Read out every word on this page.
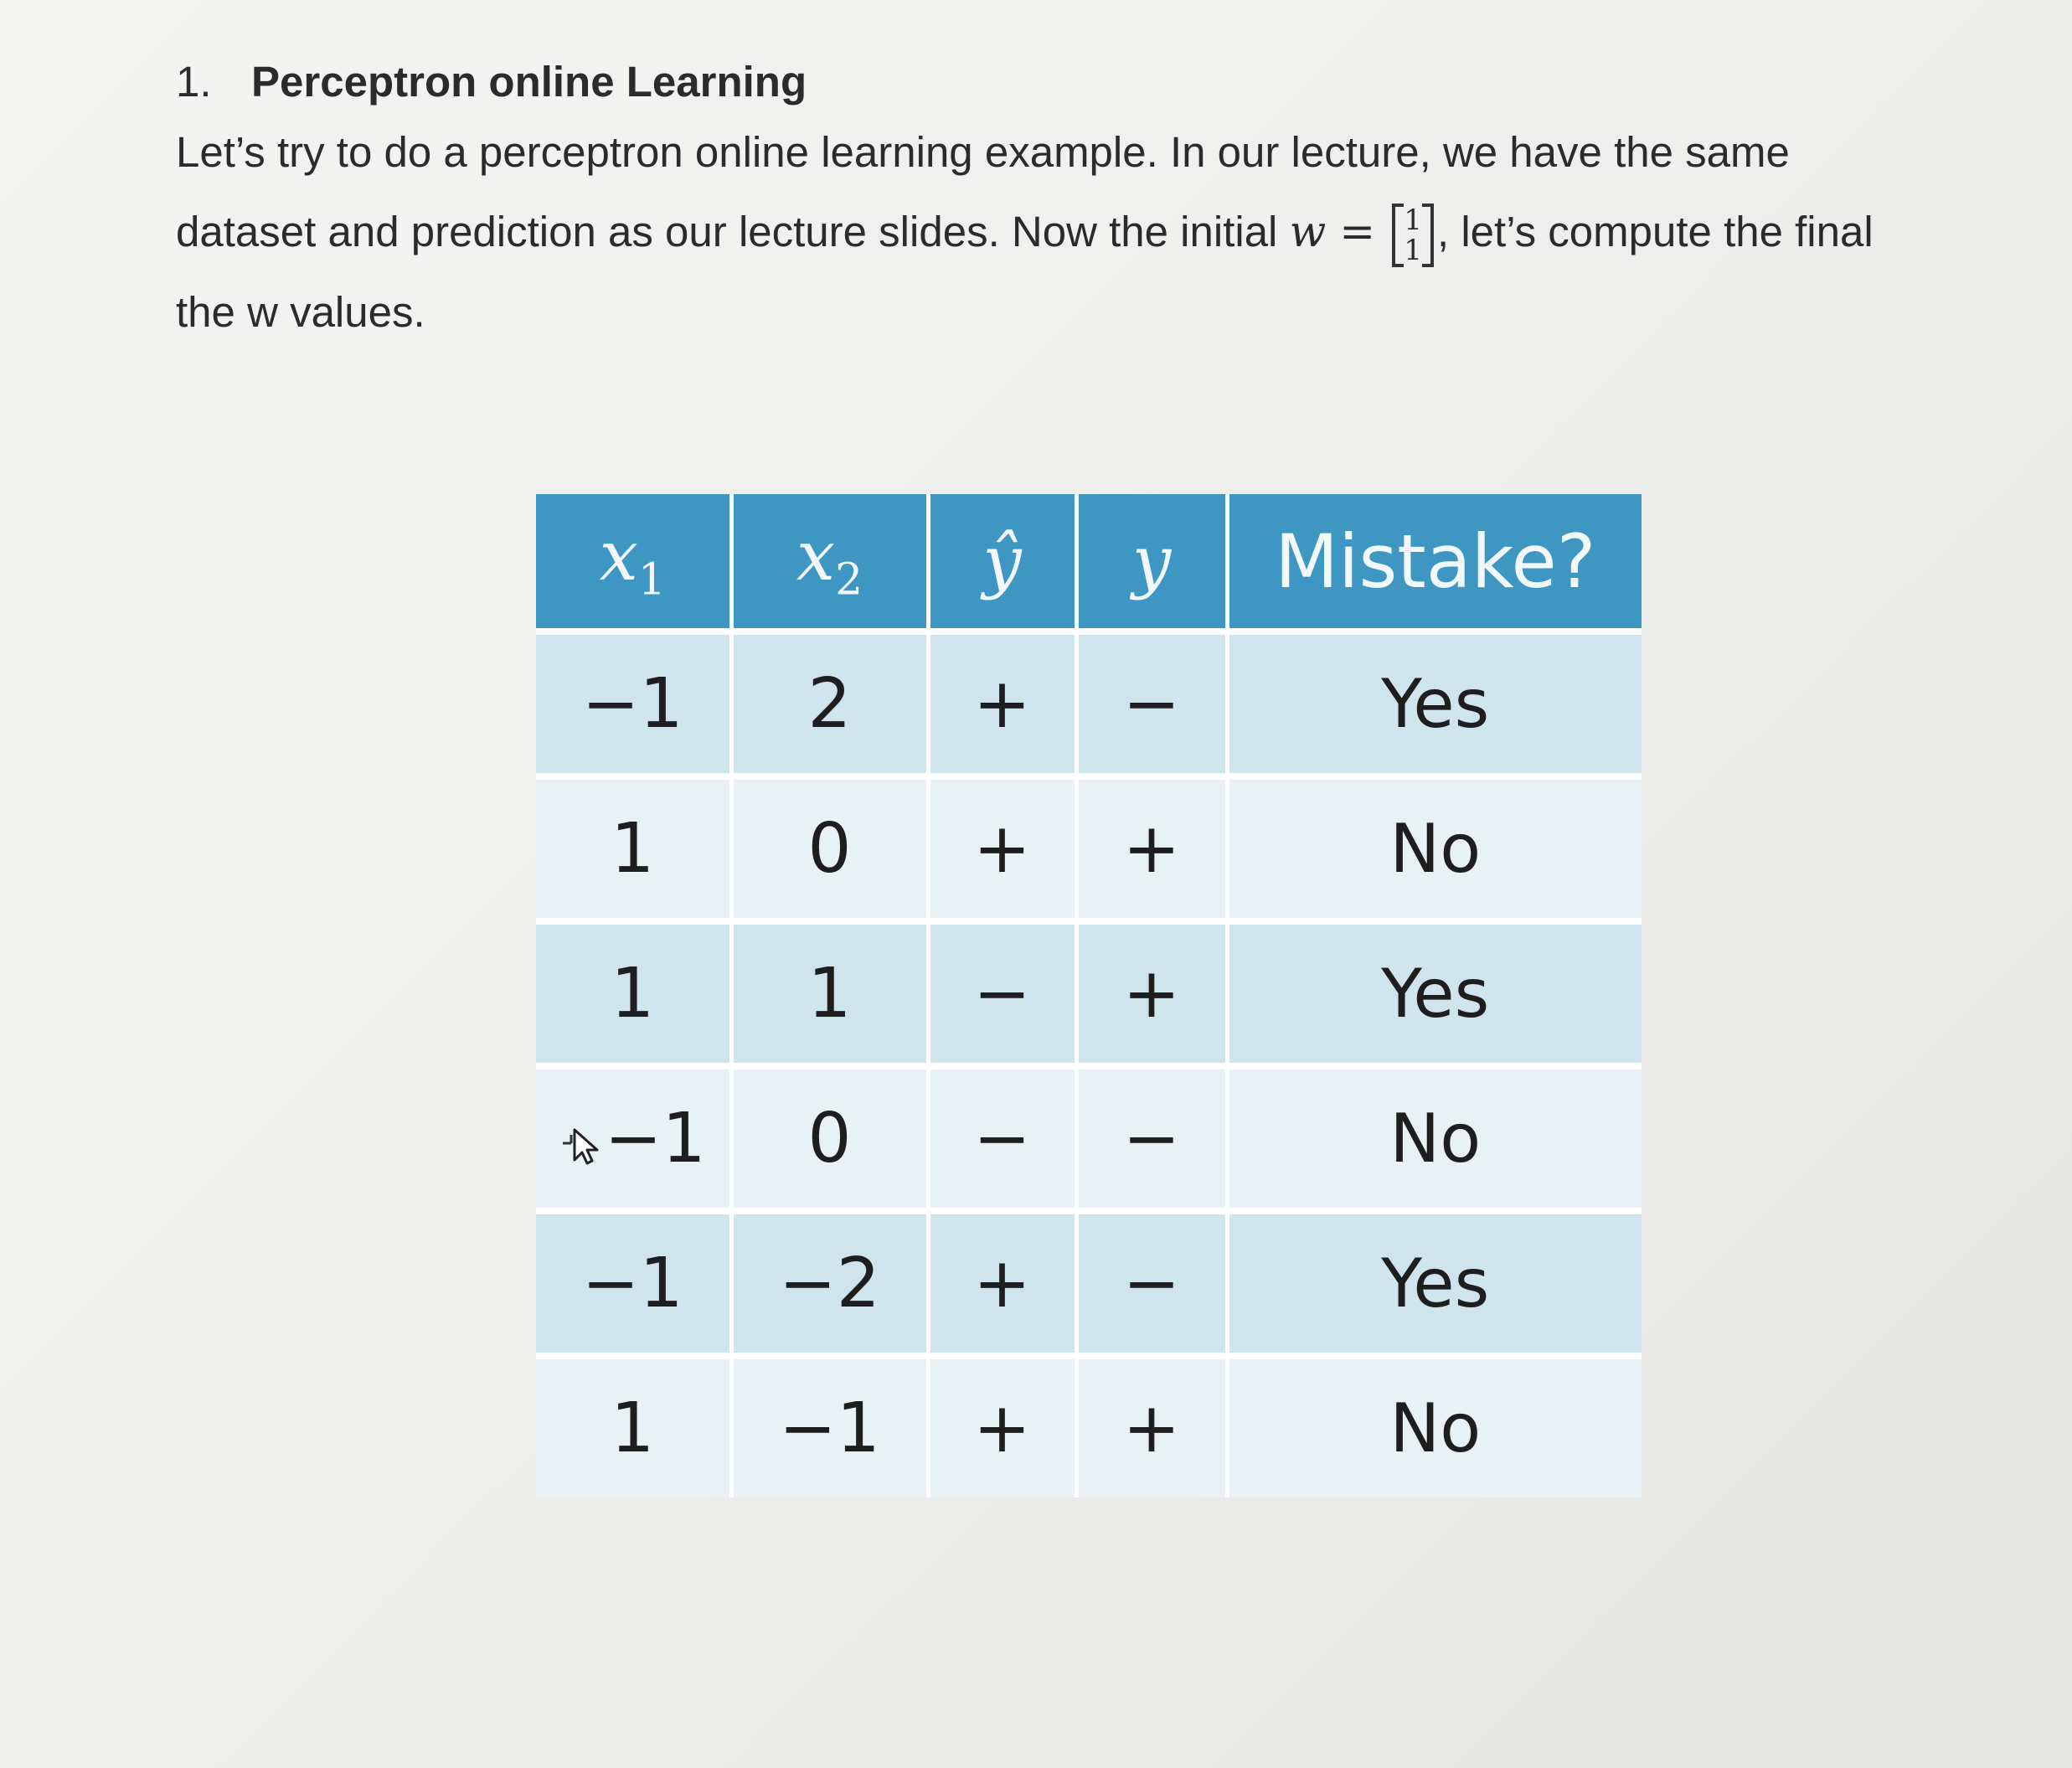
1. Perceptron online Learning

Let’s try to do a perceptron online learning example. In our lecture, we have the same

dataset and prediction as our lecture slides. Now the initial w = 1
1 , let’s compute the final

the w values.

$x_1$	$x_2$	ŷ	y	Mistake?
−1	2	+	−	Yes
1	0	+	+	No
1	1	−	+	Yes
−1	0	−	−	No
−1	−2	+	−	Yes
1	−1	+	+	No
